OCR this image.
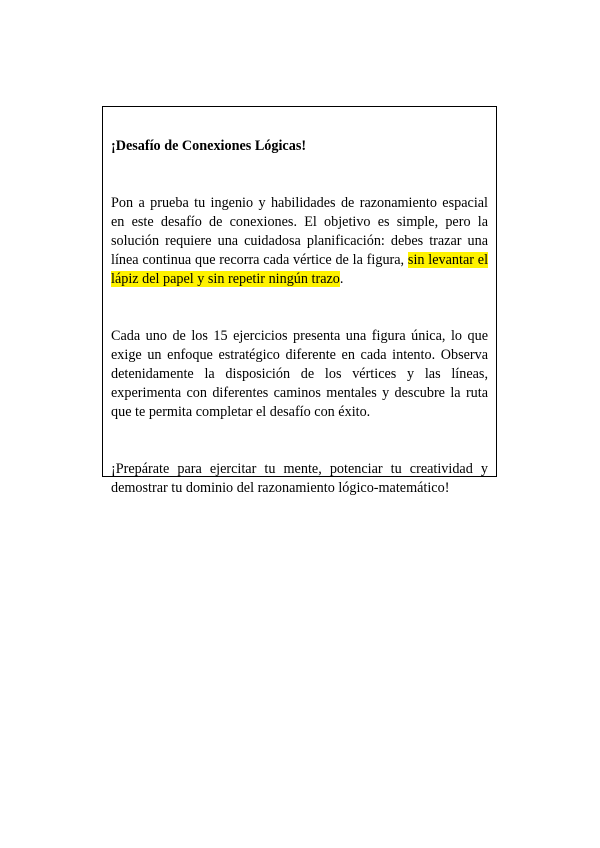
¡Desafío de Conexiones Lógicas!

Pon a prueba tu ingenio y habilidades de razonamiento espacial en este desafío de conexiones. El objetivo es simple, pero la solución requiere una cuidadosa planificación: debes trazar una línea continua que recorra cada vértice de la figura, sin levantar el lápiz del papel y sin repetir ningún trazo.

Cada uno de los 15 ejercicios presenta una figura única, lo que exige un enfoque estratégico diferente en cada intento. Observa detenidamente la disposición de los vértices y las líneas, experimenta con diferentes caminos mentales y descubre la ruta que te permita completar el desafío con éxito.

¡Prepárate para ejercitar tu mente, potenciar tu creatividad y demostrar tu dominio del razonamiento lógico-matemático!
